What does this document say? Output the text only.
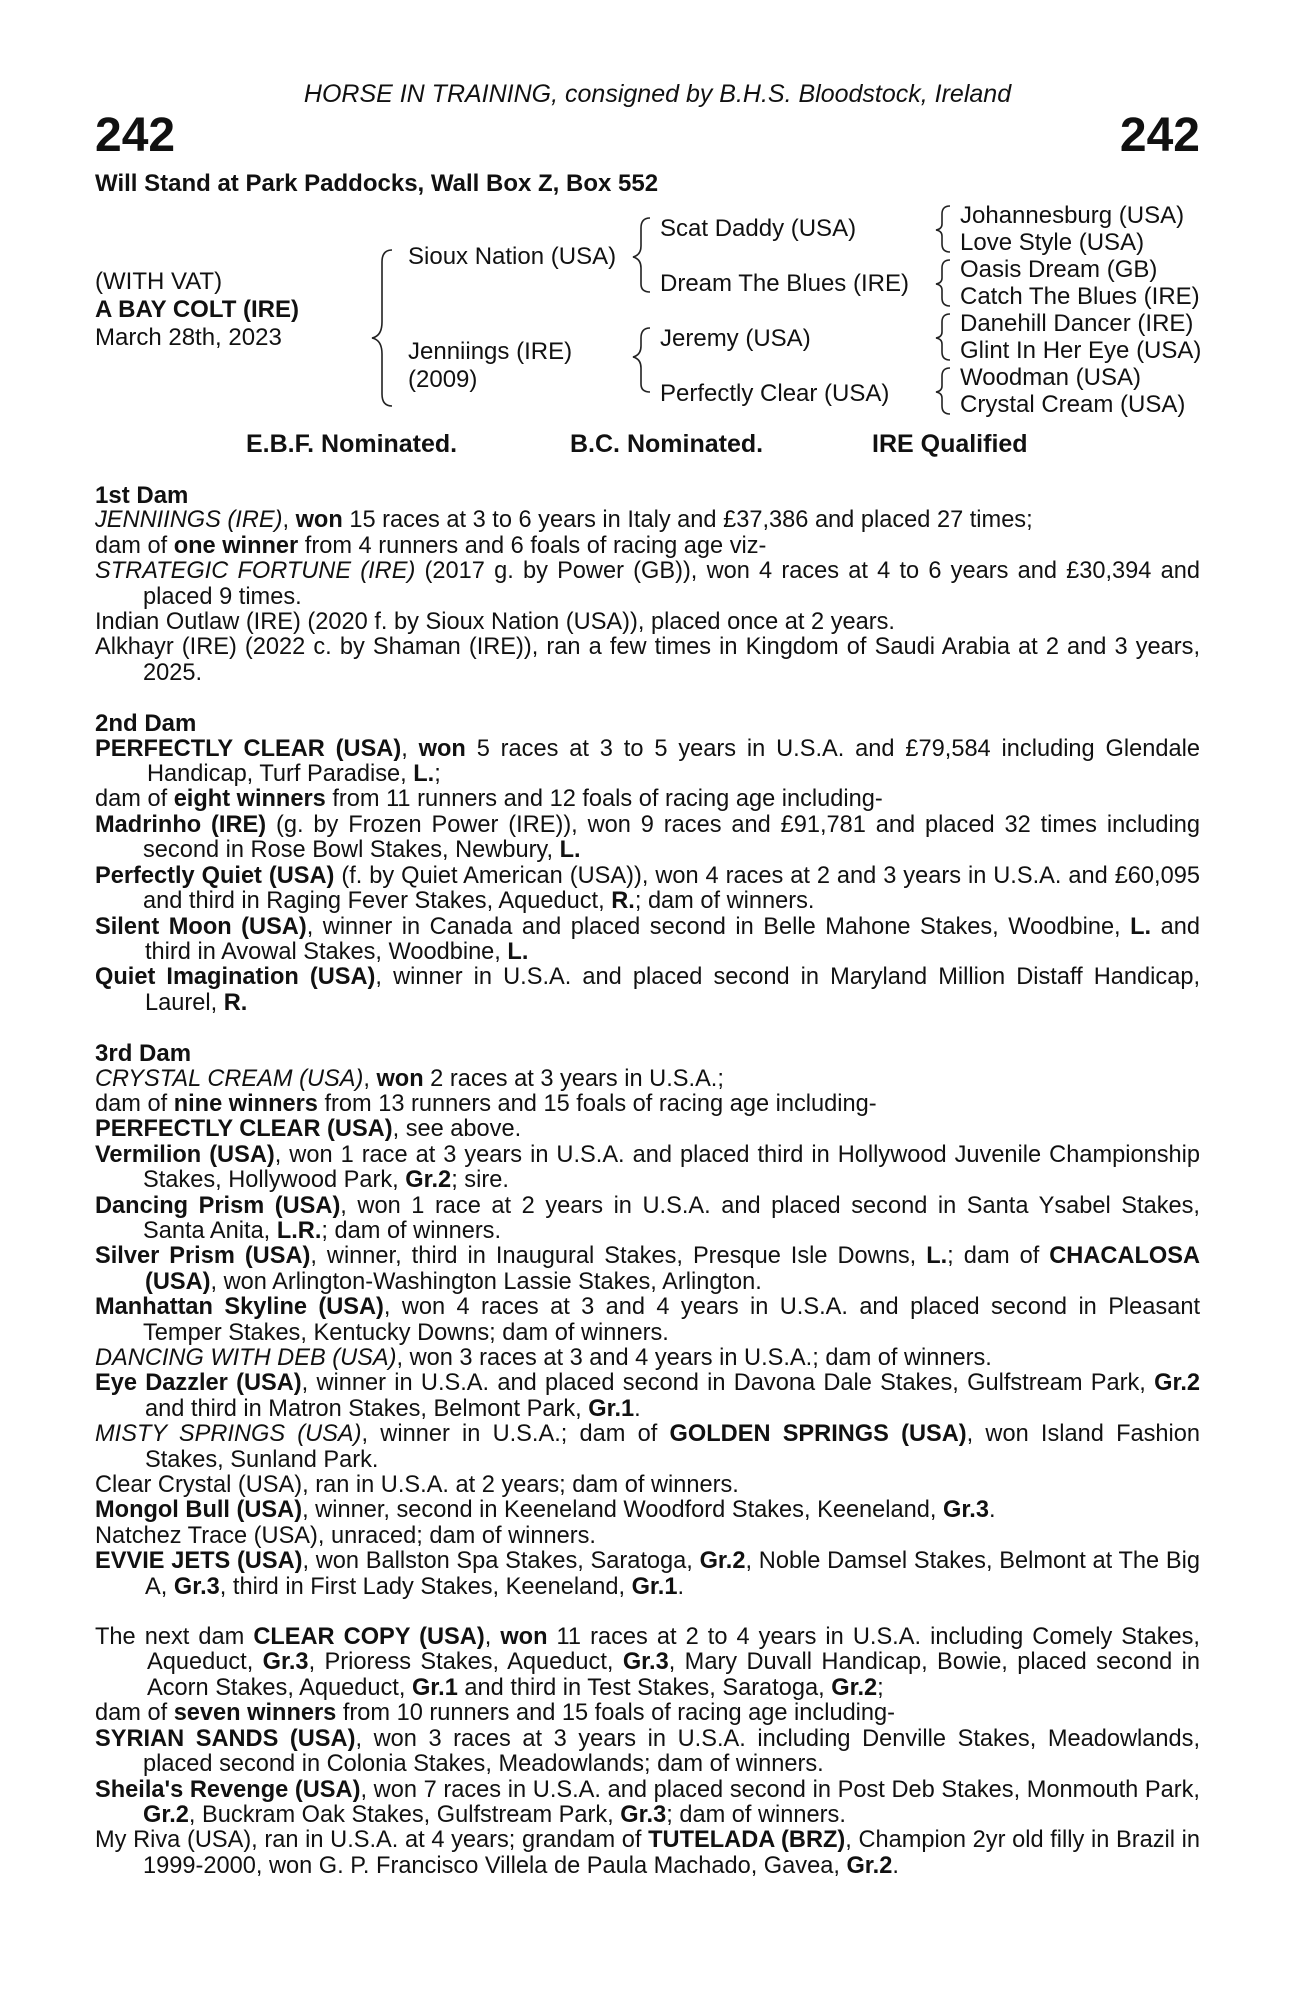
HORSE IN TRAINING, consigned by B.H.S. Bloodstock, Ireland
242	242
Will Stand at Park Paddocks, Wall Box Z, Box 552
(WITH VAT)
A BAY COLT (IRE)
March 28th, 2023
Sioux Nation (USA)
Jenniings (IRE)
(2009)
Scat Daddy (USA)
Dream The Blues (IRE)
Jeremy (USA)
Perfectly Clear (USA)
Johannesburg (USA)
Love Style (USA)
Oasis Dream (GB)
Catch The Blues (IRE)
Danehill Dancer (IRE)
Glint In Her Eye (USA)
Woodman (USA)
Crystal Cream (USA)
E.B.F. Nominated.	B.C. Nominated.	IRE Qualified

1st Dam

JENNIINGS (IRE), won 15 races at 3 to 6 years in Italy and £37,386 and placed 27 times;

dam of one winner from 4 runners and 6 foals of racing age viz-

STRATEGIC FORTUNE (IRE) (2017 g. by Power (GB)), won 4 races at 4 to 6 years and £30,394 and placed 9 times.

Indian Outlaw (IRE) (2020 f. by Sioux Nation (USA)), placed once at 2 years.

Alkhayr (IRE) (2022 c. by Shaman (IRE)), ran a few times in Kingdom of Saudi Arabia at 2 and 3 years, 2025.

2nd Dam

PERFECTLY CLEAR (USA), won 5 races at 3 to 5 years in U.S.A. and £79,584 including Glendale Handicap, Turf Paradise, L.;

dam of eight winners from 11 runners and 12 foals of racing age including-

Madrinho (IRE) (g. by Frozen Power (IRE)), won 9 races and £91,781 and placed 32 times including second in Rose Bowl Stakes, Newbury, L.

Perfectly Quiet (USA) (f. by Quiet American (USA)), won 4 races at 2 and 3 years in U.S.A. and £60,095 and third in Raging Fever Stakes, Aqueduct, R.; dam of winners.

Silent Moon (USA), winner in Canada and placed second in Belle Mahone Stakes, Woodbine, L. and third in Avowal Stakes, Woodbine, L.

Quiet Imagination (USA), winner in U.S.A. and placed second in Maryland Million Distaff Handicap, Laurel, R.

3rd Dam

CRYSTAL CREAM (USA), won 2 races at 3 years in U.S.A.;

dam of nine winners from 13 runners and 15 foals of racing age including-

PERFECTLY CLEAR (USA), see above.

Vermilion (USA), won 1 race at 3 years in U.S.A. and placed third in Hollywood Juvenile Championship Stakes, Hollywood Park, Gr.2; sire.

Dancing Prism (USA), won 1 race at 2 years in U.S.A. and placed second in Santa Ysabel Stakes, Santa Anita, L.R.; dam of winners.

Silver Prism (USA), winner, third in Inaugural Stakes, Presque Isle Downs, L.; dam of CHACALOSA (USA), won Arlington-Washington Lassie Stakes, Arlington.

Manhattan Skyline (USA), won 4 races at 3 and 4 years in U.S.A. and placed second in Pleasant Temper Stakes, Kentucky Downs; dam of winners.

DANCING WITH DEB (USA), won 3 races at 3 and 4 years in U.S.A.; dam of winners.

Eye Dazzler (USA), winner in U.S.A. and placed second in Davona Dale Stakes, Gulfstream Park, Gr.2 and third in Matron Stakes, Belmont Park, Gr.1.

MISTY SPRINGS (USA), winner in U.S.A.; dam of GOLDEN SPRINGS (USA), won Island Fashion Stakes, Sunland Park.

Clear Crystal (USA), ran in U.S.A. at 2 years; dam of winners.

Mongol Bull (USA), winner, second in Keeneland Woodford Stakes, Keeneland, Gr.3.

Natchez Trace (USA), unraced; dam of winners.

EVVIE JETS (USA), won Ballston Spa Stakes, Saratoga, Gr.2, Noble Damsel Stakes, Belmont at The Big A, Gr.3, third in First Lady Stakes, Keeneland, Gr.1.

The next dam CLEAR COPY (USA), won 11 races at 2 to 4 years in U.S.A. including Comely Stakes, Aqueduct, Gr.3, Prioress Stakes, Aqueduct, Gr.3, Mary Duvall Handicap, Bowie, placed second in Acorn Stakes, Aqueduct, Gr.1 and third in Test Stakes, Saratoga, Gr.2;

dam of seven winners from 10 runners and 15 foals of racing age including-

SYRIAN SANDS (USA), won 3 races at 3 years in U.S.A. including Denville Stakes, Meadowlands, placed second in Colonia Stakes, Meadowlands; dam of winners.

Sheila's Revenge (USA), won 7 races in U.S.A. and placed second in Post Deb Stakes, Monmouth Park, Gr.2, Buckram Oak Stakes, Gulfstream Park, Gr.3; dam of winners.

My Riva (USA), ran in U.S.A. at 4 years; grandam of TUTELADA (BRZ), Champion 2yr old filly in Brazil in 1999-2000, won G. P. Francisco Villela de Paula Machado, Gavea, Gr.2.
